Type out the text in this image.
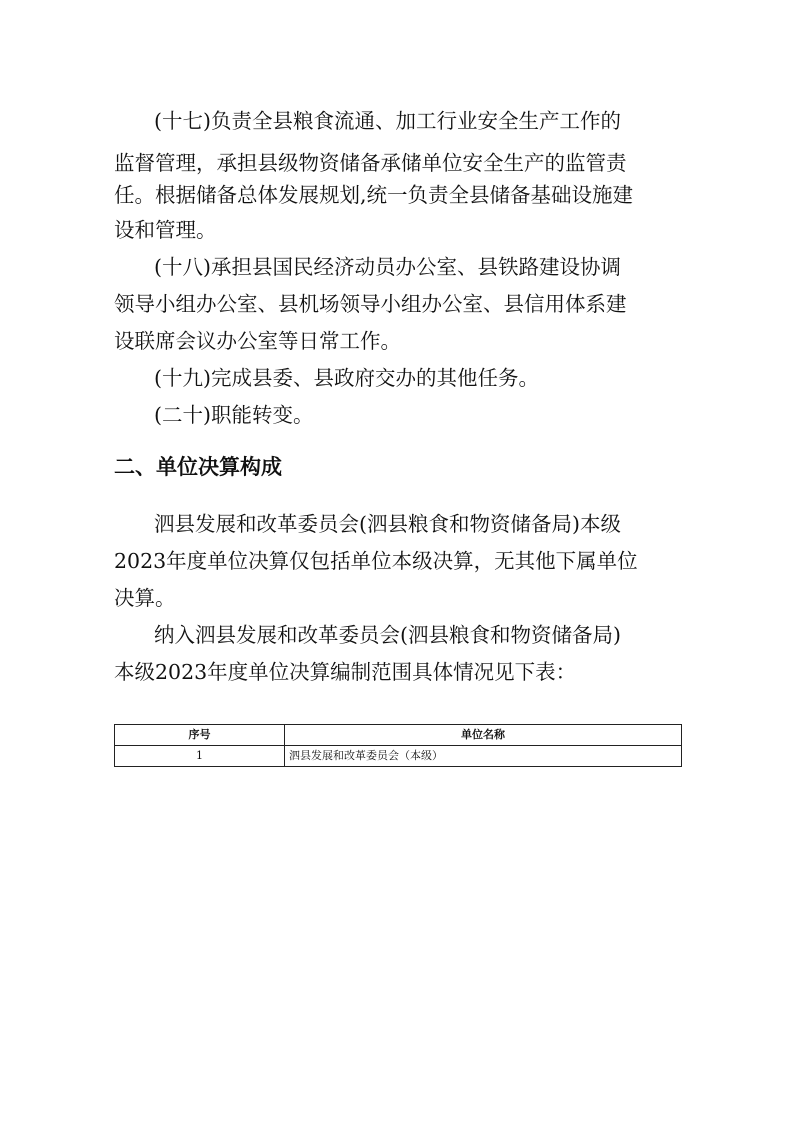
(十七)负责全县粮食流通、加工行业安全生产工作的
监督管理，承担县级物资储备承储单位安全生产的监管责
任。根据储备总体发展规划,统一负责全县储备基础设施建
设和管理。
(十八)承担县国民经济动员办公室、县铁路建设协调
领导小组办公室、县机场领导小组办公室、县信用体系建
设联席会议办公室等日常工作。
(十九)完成县委、县政府交办的其他任务。
(二十)职能转变。
二、单位决算构成
泗县发展和改革委员会(泗县粮食和物资储备局)本级
2023年度单位决算仅包括单位本级决算，无其他下属单位
决算。
纳入泗县发展和改革委员会(泗县粮食和物资储备局)
本级2023年度单位决算编制范围具体情况见下表：
序号	单位名称
1	泗县发展和改革委员会（本级）
